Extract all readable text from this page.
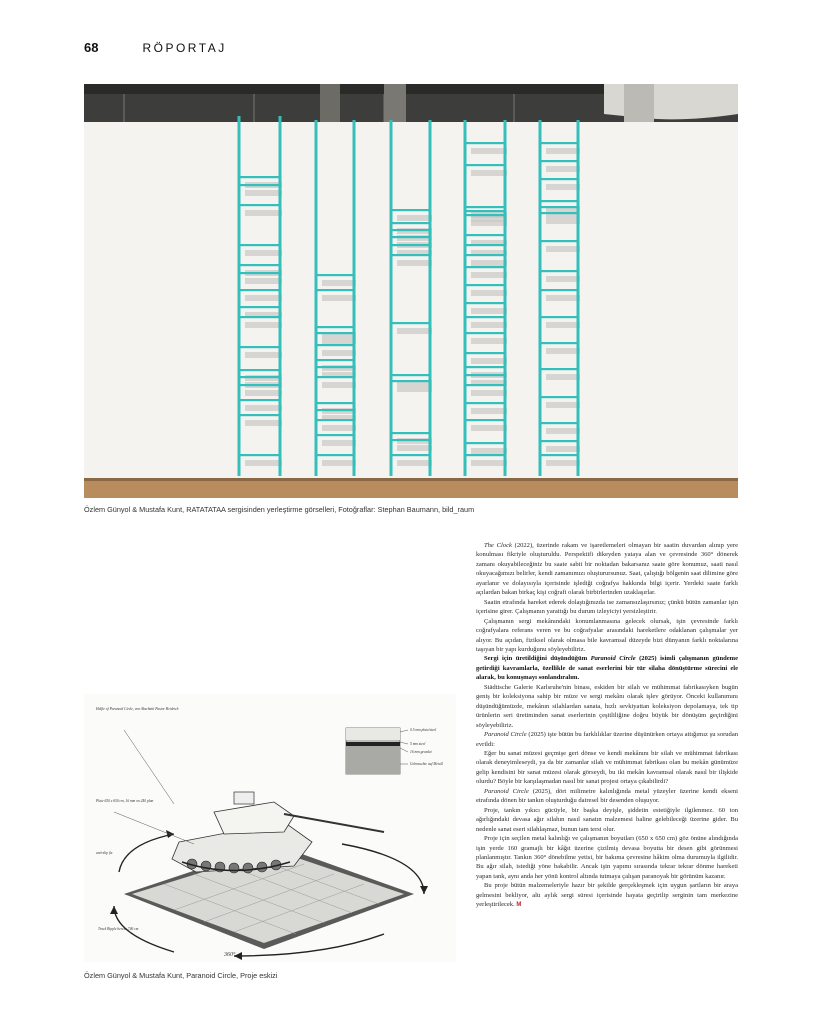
68	RÖPORTAJ
Özlem Günyol & Mustafa Kunt, RATATATAA sergisinden yerleştirme görselleri, Fotoğraflar: Stephan Baumann, bild_raum
Hälfte of Paranoid Circle, von Abschnitt Pastor Heidrich
Plate 650 x 650 cm, 16 mm on 240 plan
anti-slip fix
Track Ripple bereits 746 cm
0.5 mm plate/steel
5 mm steel
16 mm gewalzt
Gebrauchte auf Metall
360°
Özlem Günyol & Mustafa Kunt, Paranoid Circle, Proje eskizi

The Clock (2022), üzerinde rakam ve işaretlemeleri olmayan bir saatin duvardan alınıp yere konulması fikriyle oluşturuldu. Perspektifi dikeyden yataya alan ve çevresinde 360° dönerek zamanı okuyabileceğiniz bu saate sabit bir noktadan bakarsanız saate göre konumuz, saati nasıl okuyacağımızı belirler, kendi zamanımızı oluşturursunuz. Saat, çalıştığı bölgenin saat dilimine göre ayarlanır ve dolayısıyla içerisinde işlediği coğrafya hakkında bilgi içerir. Yerdeki saate farklı açılardan bakan birkaç kişi coğrafi olarak birbirlerinden uzaklaşırlar.

Saatin etrafında hareket ederek dolaştığınızda ise zamansızlaşırsınız; çünkü bütün zamanlar işin içerisine girer. Çalışmanın yarattığı bu durum izleyiciyi yersizleştirir.

Çalışmanın sergi mekânındaki konumlanmasına gelecek olursak, işin çevresinde farklı coğrafyalara referans veren ve bu coğrafyalar arasındaki hareketlere odaklanan çalışmalar yer alıyor. Bu açıdan, fiziksel olarak olmasa bile kavramsal düzeyde bizi dünyanın farklı noktalarına taşıyan bir yapı kurduğunu söyleyebiliriz.

Sergi için üretildiğini düşündüğüm Paranoid Circle (2025) isimli çalışmanın gündeme getirdiği kavramlarla, özellikle de sanat eserlerini bir tür silaha dönüştürme sürecini ele alarak, bu konuşmayı sonlandıralım.

Städtische Galerie Karlsruhe'nin binası, eskiden bir silah ve mühimmat fabrikasıyken bugün geniş bir koleksiyona sahip bir müze ve sergi mekânı olarak işlev görüyor. Önceki kullanımını düşündüğümüzde, mekânın silahlardan sanata, hızlı sevkiyattan koleksiyon depolamaya, tek tip ürünlerin seri üretiminden sanat eserlerinin çeşitliliğine doğru büyük bir dönüşüm geçirdiğini söyleyebiliriz.

Paranoid Circle (2025) işte bütün bu farklılıklar üzerine düşünürken ortaya attığımız şu sorudan evrildi:

Eğer bu sanat müzesi geçmişe geri dönse ve kendi mekânını bir silah ve mühimmat fabrikası olarak deneyimleseydi, ya da bir zamanlar silah ve mühimmat fabrikası olan bu mekân günümüze gelip kendisini bir sanat müzesi olarak görseydi, bu iki mekân kavramsal olarak nasıl bir ilişkide olurdu? Böyle bir karşılaşmadan nasıl bir sanat projesi ortaya çıkabilirdi?

Paranoid Circle (2025), dört milimetre kalınlığında metal yüzeyler üzerine kendi ekseni etrafında dönen bir tankın oluşturduğu dairesel bir desenden oluşuyor.

Proje, tankın yıkıcı gücüyle, bir başka deyişle, şiddetin estetiğiyle ilgilenmez. 60 ton ağırlığındaki devasa ağır silahın nasıl sanatın malzemesi haline gelebileceği üzerine gider. Bu nedenle sanat eseri silahlaşmaz, bunun tam tersi olur.

Proje için seçilen metal kalınlığı ve çalışmanın boyutları (650 x 650 cm) göz önüne alındığında işin yerde 160 gramajlı bir kâğıt üzerine çizilmiş devasa boyutta bir desen gibi görünmesi planlanmıştır. Tankın 360° dönebilme yetisi, bir bakıma çevresine hâkim olma durumuyla ilgilidir. Bu ağır silah, istediği yöne bakabilir. Ancak işin yapımı sırasında tekrar tekrar dönme hareketi yapan tank, aynı anda her yönü kontrol altında tutmaya çalışan paranoyak bir görünüm kazanır.

Bu proje bütün malzemeleriyle hazır bir şekilde gerçekleşmek için uygun şartların bir araya gelmesini bekliyor, altı aylık sergi süresi içerisinde hayata geçirilip serginin tam merkezine yerleştirilecek. M
